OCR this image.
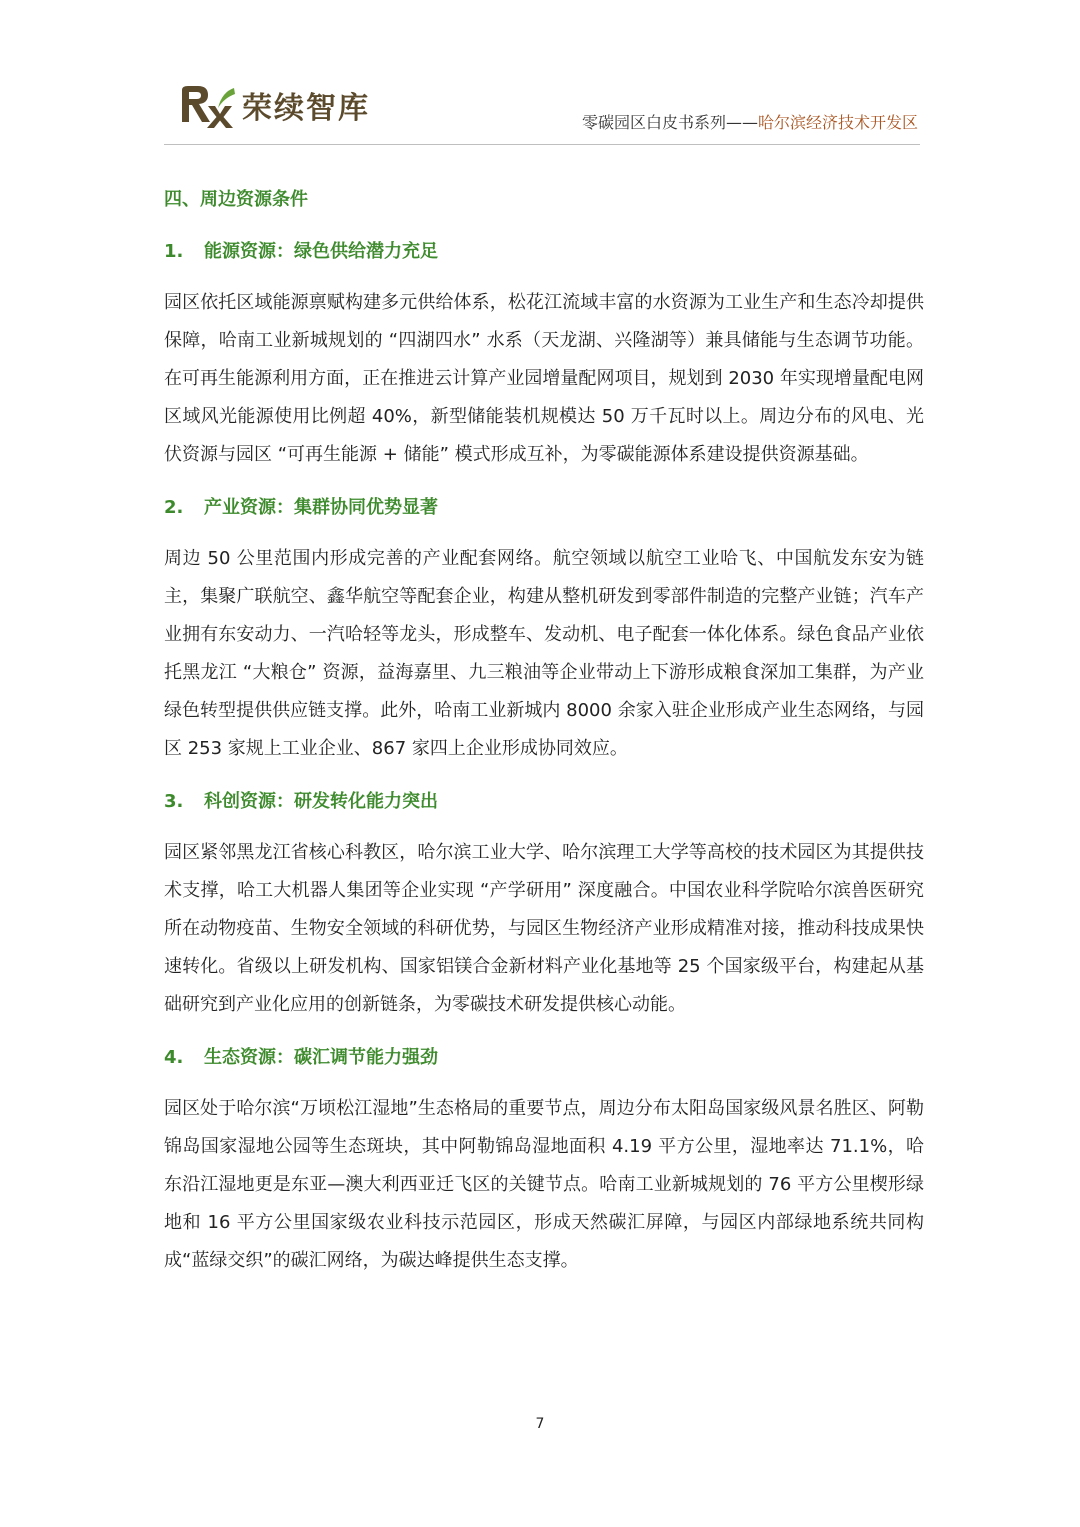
荣续智库	零碳园区白皮书系列——哈尔滨经济技术开发区
四、周边资源条件
1. 能源资源：绿色供给潜力充足

园区依托区域能源禀赋构建多元供给体系，松花江流域丰富的水资源为工业生产和生态冷却提供保障，哈南工业新城规划的 “四湖四水” 水系（天龙湖、兴隆湖等）兼具储能与生态调节功能。在可再生能源利用方面，正在推进云计算产业园增量配网项目，规划到 2030 年实现增量配电网区域风光能源使用比例超 40%，新型储能装机规模达 50 万千瓦时以上。周边分布的风电、光伏资源与园区 “可再生能源 + 储能” 模式形成互补，为零碳能源体系建设提供资源基础。

2. 产业资源：集群协同优势显著

周边 50 公里范围内形成完善的产业配套网络。航空领域以航空工业哈飞、中国航发东安为链主，集聚广联航空、鑫华航空等配套企业，构建从整机研发到零部件制造的完整产业链；汽车产业拥有东安动力、一汽哈轻等龙头，形成整车、发动机、电子配套一体化体系。绿色食品产业依托黑龙江 “大粮仓” 资源，益海嘉里、九三粮油等企业带动上下游形成粮食深加工集群，为产业绿色转型提供供应链支撑。此外，哈南工业新城内 8000 余家入驻企业形成产业生态网络，与园区 253 家规上工业企业、867 家四上企业形成协同效应。

3. 科创资源：研发转化能力突出

园区紧邻黑龙江省核心科教区，哈尔滨工业大学、哈尔滨理工大学等高校的技术园区为其提供技术支撑，哈工大机器人集团等企业实现 “产学研用” 深度融合。中国农业科学院哈尔滨兽医研究所在动物疫苗、生物安全领域的科研优势，与园区生物经济产业形成精准对接，推动科技成果快速转化。省级以上研发机构、国家铝镁合金新材料产业化基地等 25 个国家级平台，构建起从基础研究到产业化应用的创新链条，为零碳技术研发提供核心动能。

4. 生态资源：碳汇调节能力强劲

园区处于哈尔滨“万顷松江湿地”生态格局的重要节点，周边分布太阳岛国家级风景名胜区、阿勒锦岛国家湿地公园等生态斑块，其中阿勒锦岛湿地面积 4.19 平方公里，湿地率达 71.1%，哈东沿江湿地更是东亚—澳大利西亚迁飞区的关键节点。哈南工业新城规划的 76 平方公里楔形绿地和 16 平方公里国家级农业科技示范园区，形成天然碳汇屏障，与园区内部绿地系统共同构成“蓝绿交织”的碳汇网络，为碳达峰提供生态支撑。

7
